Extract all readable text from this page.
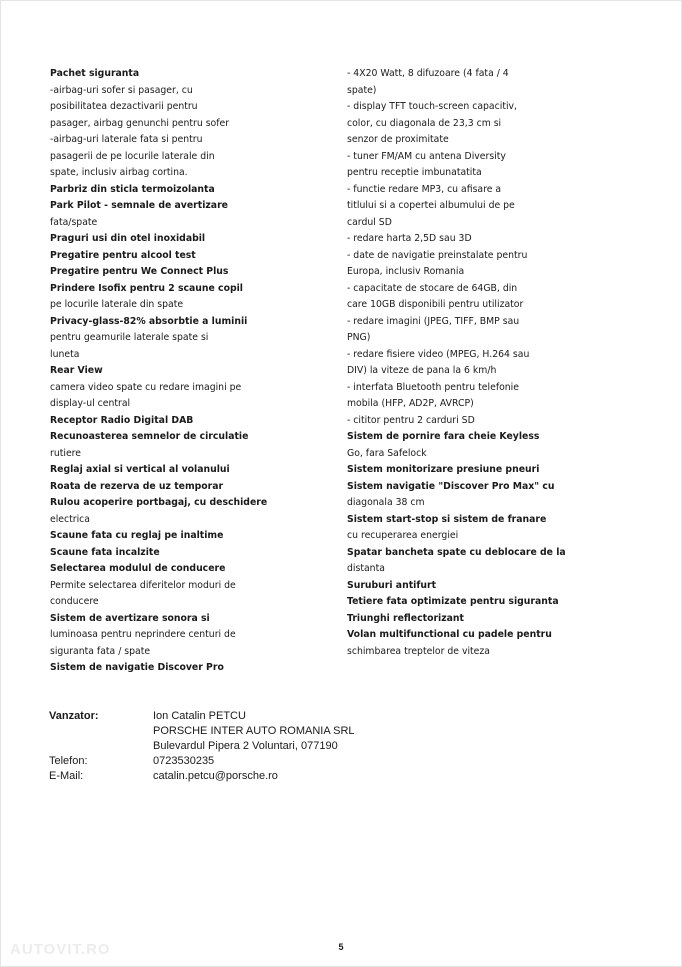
Pachet siguranta
-airbag-uri sofer si pasager, cu
posibilitatea dezactivarii pentru
pasager, airbag genunchi pentru sofer
-airbag-uri laterale fata si pentru
pasagerii de pe locurile laterale din
spate, inclusiv airbag cortina.
Parbriz din sticla termoizolanta
Park Pilot - semnale de avertizare
fata/spate
Praguri usi din otel inoxidabil
Pregatire pentru alcool test
Pregatire pentru We Connect Plus
Prindere Isofix pentru 2 scaune copil
pe locurile laterale din spate
Privacy-glass-82% absorbtie a luminii
pentru geamurile laterale spate si
luneta
Rear View
camera video spate cu redare imagini pe
display-ul central
Receptor Radio Digital DAB
Recunoasterea semnelor de circulatie
rutiere
Reglaj axial si vertical al volanului
Roata de rezerva de uz temporar
Rulou acoperire portbagaj, cu deschidere
electrica
Scaune fata cu reglaj pe inaltime
Scaune fata incalzite
Selectarea modulul de conducere
Permite selectarea diferitelor moduri de
conducere
Sistem de avertizare sonora si
luminoasa pentru neprindere centuri de
siguranta fata / spate
Sistem de navigatie Discover Pro
- 4X20 Watt, 8 difuzoare (4 fata / 4
spate)
- display TFT touch-screen capacitiv,
color, cu diagonala de 23,3 cm si
senzor de proximitate
- tuner FM/AM cu antena Diversity
pentru receptie imbunatatita
- functie redare MP3, cu afisare a
titlului si a copertei albumului de pe
cardul SD
- redare harta 2,5D sau 3D
- date de navigatie preinstalate pentru
Europa, inclusiv Romania
- capacitate de stocare de 64GB, din
care 10GB disponibili pentru utilizator
- redare imagini (JPEG, TIFF, BMP sau
PNG)
- redare fisiere video (MPEG, H.264 sau
DIV) la viteze de pana la 6 km/h
- interfata Bluetooth pentru telefonie
mobila (HFP, AD2P, AVRCP)
- cititor pentru 2 carduri SD
Sistem de pornire fara cheie Keyless
Go, fara Safelock
Sistem monitorizare presiune pneuri
Sistem navigatie "Discover Pro Max" cu
diagonala 38 cm
Sistem start-stop si sistem de franare
cu recuperarea energiei
Spatar bancheta spate cu deblocare de la
distanta
Suruburi antifurt
Tetiere fata optimizate pentru siguranta
Triunghi reflectorizant
Volan multifunctional cu padele pentru
schimbarea treptelor de viteza
Vanzator:	Ion Catalin PETCU
PORSCHE INTER AUTO ROMANIA SRL
Bulevardul Pipera 2 Voluntari, 077190
Telefon:	0723530235
E-Mail:	catalin.petcu@porsche.ro
5
AUTOVIT.RO
